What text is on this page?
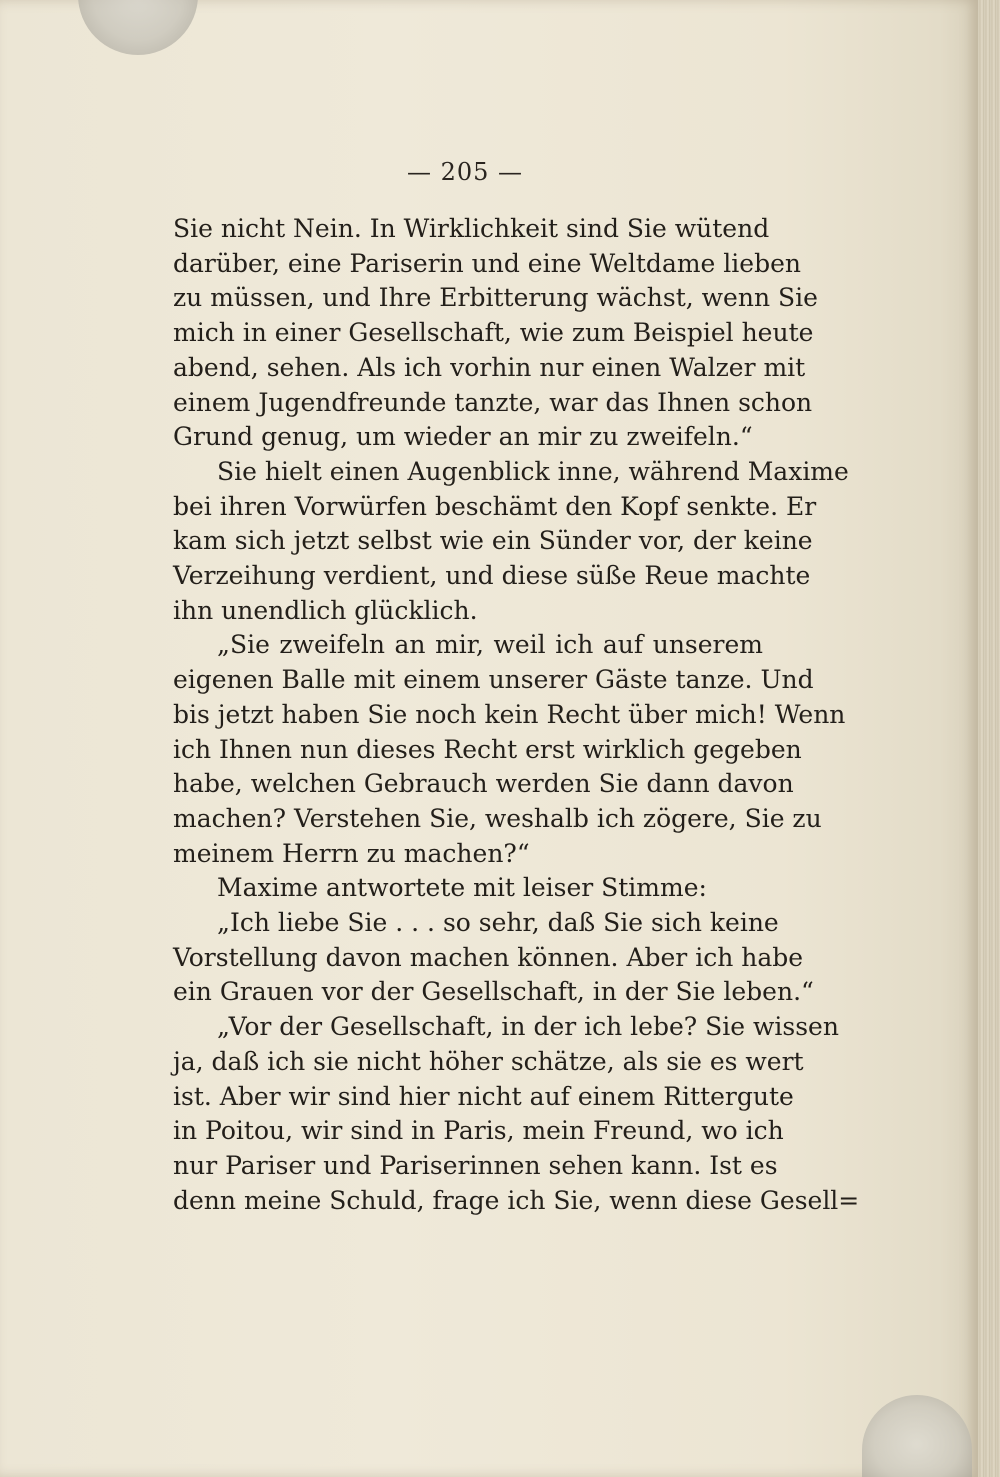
— 205 —
Sie nicht Nein. In Wirklichkeit sind Sie wütend
darüber, eine Pariserin und eine Weltdame lieben
zu müssen, und Ihre Erbitterung wächst, wenn Sie
mich in einer Gesellschaft, wie zum Beispiel heute
abend, sehen. Als ich vorhin nur einen Walzer mit
einem Jugendfreunde tanzte, war das Ihnen schon
Grund genug, um wieder an mir zu zweifeln.“
Sie hielt einen Augenblick inne, während Maxime
bei ihren Vorwürfen beschämt den Kopf senkte. Er
kam sich jetzt selbst wie ein Sünder vor, der keine
Verzeihung verdient, und diese süße Reue machte
ihn unendlich glücklich.
„Sie zweifeln an mir, weil ich auf unserem
eigenen Balle mit einem unserer Gäste tanze. Und
bis jetzt haben Sie noch kein Recht über mich! Wenn
ich Ihnen nun dieses Recht erst wirklich gegeben
habe, welchen Gebrauch werden Sie dann davon
machen? Verstehen Sie, weshalb ich zögere, Sie zu
meinem Herrn zu machen?“
Maxime antwortete mit leiser Stimme:
„Ich liebe Sie . . . so sehr, daß Sie sich keine
Vorstellung davon machen können. Aber ich habe
ein Grauen vor der Gesellschaft, in der Sie leben.“
„Vor der Gesellschaft, in der ich lebe? Sie wissen
ja, daß ich sie nicht höher schätze, als sie es wert
ist. Aber wir sind hier nicht auf einem Rittergute
in Poitou, wir sind in Paris, mein Freund, wo ich
nur Pariser und Pariserinnen sehen kann. Ist es
denn meine Schuld, frage ich Sie, wenn diese Gesell=
